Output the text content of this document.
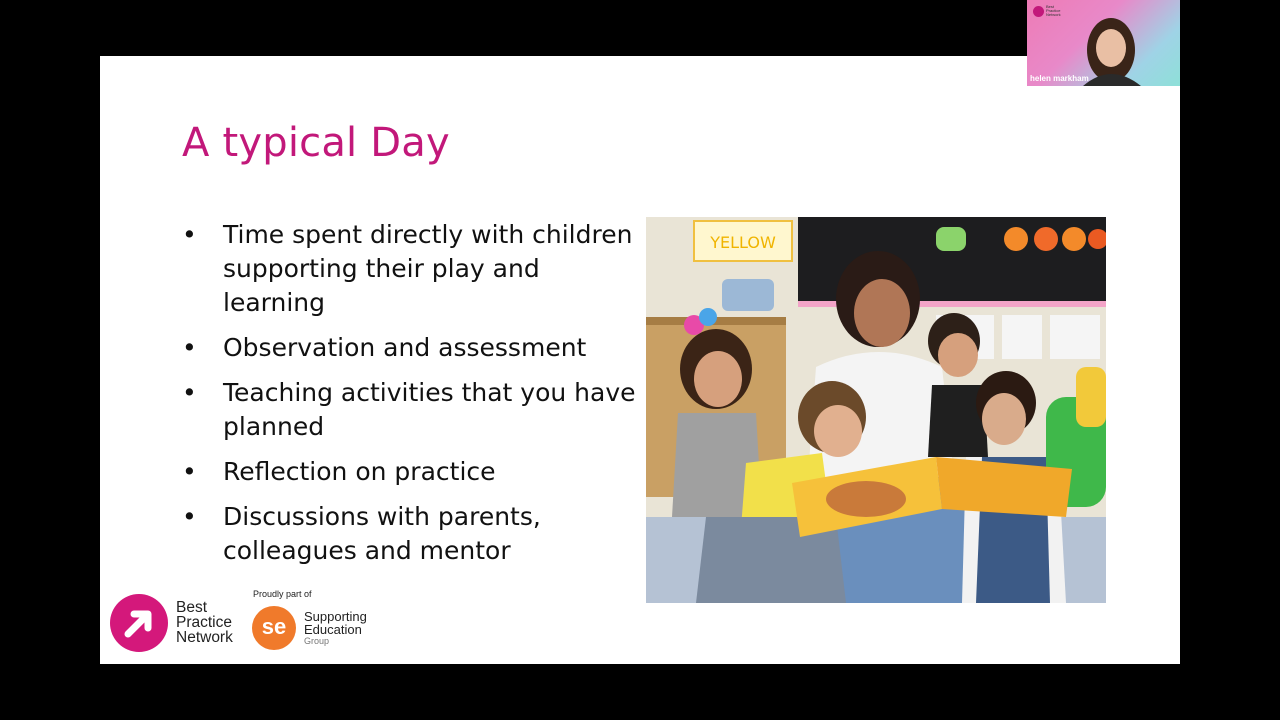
A typical Day
• Time spent directly with children supporting their play and learning
• Observation and assessment
• Teaching activities that you have planned
• Reflection on practice
• Discussions with parents, colleagues and mentor
YELLOW
Best Practice Network
Proudly part of
se	Supporting Education
Group
Best Practice Network
helen markham
